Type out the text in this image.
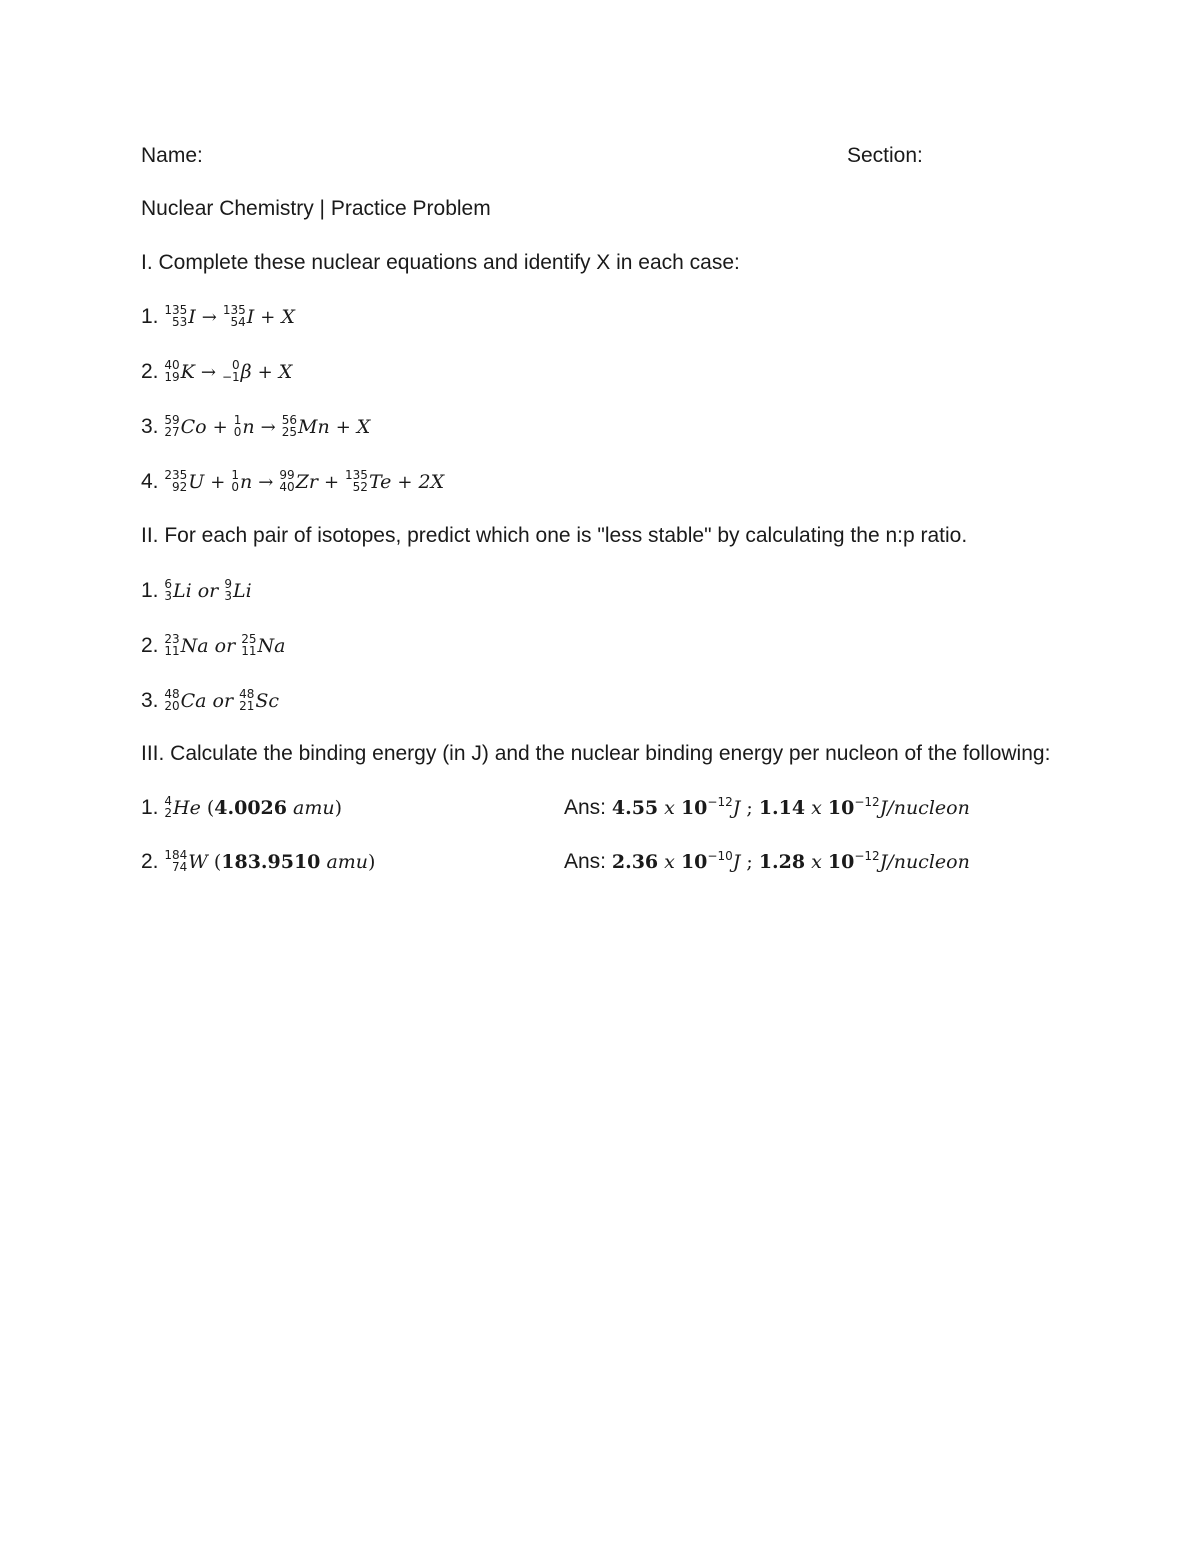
Name:	Section:
Nuclear Chemistry | Practice Problem
I. Complete these nuclear equations and identify X in each case:
1. 135
53 I → 135
54 I + X
2. 40
19 K → 0
−1 β + X
3. 59
27 Co + 1
0 n → 56
25 Mn + X
4. 235
92 U + 1
0 n → 99
40 Zr + 135
52 Te + 2X
II. For each pair of isotopes, predict which one is "less stable" by calculating the n:p ratio.
1. 6
3 Li or 9
3 Li
2. 23
11 Na or 25
11 Na
3. 48
20 Ca or 48
21 Sc
III. Calculate the binding energy (in J) and the nuclear binding energy per nucleon of the following:
1. 4
2 He (4.0026 amu)	Ans: 4.55 x $10^{-12}J$ ; 1.14 x $10^{-12}J$/nucleon
2. 184
74 W (183.9510 amu)	Ans: 2.36 x $10^{-10}J$ ; 1.28 x $10^{-12}J$/nucleon
